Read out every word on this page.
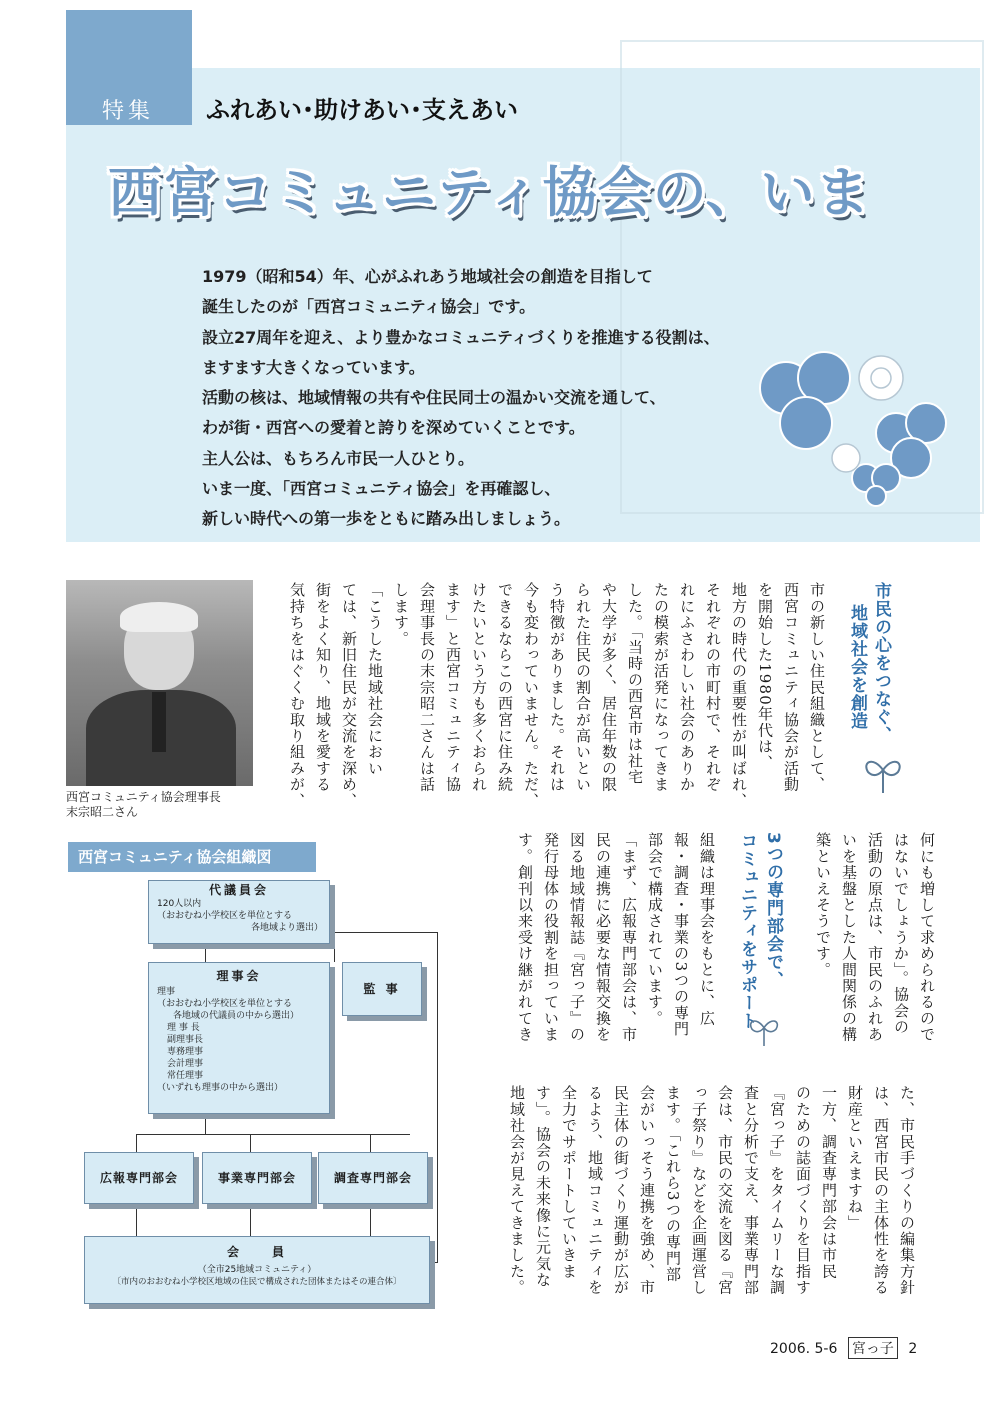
特集 ふれあい･助けあい･支えあい
西宮コミュニティ協会の、いま
1979（昭和54）年、心がふれあう地域社会の創造を目指して
誕生したのが「西宮コミュニティ協会」です。
設立27周年を迎え、より豊かなコミュニティづくりを推進する役割は、
ますます大きくなっています。
活動の核は、地域情報の共有や住民同士の温かい交流を通して、
わが街・西宮への愛着と誇りを深めていくことです。
主人公は、もちろん市民一人ひとり。
いま一度、「西宮コミュニティ協会」を再確認し、
新しい時代への第一歩をともに踏み出しましょう。
西宮コミュニティ協会理事長
末宗昭二さん
市民の心をつなぐ、
地域社会を創造
市の新しい住民組織として、
西宮コミュニティ協会が活動
を開始した1980年代は、
地方の時代の重要性が叫ばれ、
それぞれの市町村で、それぞ
れにふさわしい社会のありか
たの模索が活発になってきま
した。「当時の西宮市は社宅
や大学が多く、居住年数の限
られた住民の割合が高いとい
う特徴がありました。それは
今も変わっていません。ただ、
できるならこの西宮に住み続
けたいという方も多くおられ
ます」と西宮コミュニティ協
会理事長の末宗昭二さんは話
します。
「こうした地域社会におい
ては、新旧住民が交流を深め、
街をよく知り、地域を愛する
気持ちをはぐくむ取り組みが、
何にも増して求められるので
はないでしょうか」。協会の
活動の原点は、市民のふれあ
いを基盤とした人間関係の構
築といえそうです。
3つの専門部会で、
コミュニティをサポート
組織は理事会をもとに、広
報・調査・事業の3つの専門
部会で構成されています。
「まず、広報専門部会は、市
民の連携に必要な情報交換を
図る地域情報誌『宮っ子』の
発行母体の役割を担っていま
す。創刊以来受け継がれてき
た、市民手づくりの編集方針
は、西宮市民の主体性を誇る
財産といえますね」
一方、調査専門部会は市民
のための誌面づくりを目指す
『宮っ子』をタイムリーな調
査と分析で支え、事業専門部
会は、市民の交流を図る『宮
っ子祭り』などを企画運営し
ます。「これら3つの専門部
会がいっそう連携を強め、市
民主体の街づくり運動が広が
るよう、地域コミュニティを
全力でサポートしていきま
す」。協会の未来像に元気な
地域社会が見えてきました。
西宮コミュニティ協会組織図
代議員会
120人以内
（おおむね小学校区を単位とする
各地域より選出）
理事会
理事
（おおむね小学校区を単位とする
各地域の代議員の中から選出）
理 事 長
副理事長
専務理事
会計理事
常任理事
（いずれも理事の中から選出）
監 事
広報専門部会	事業専門部会	調査専門部会
会　　員
（全市25地域コミュニティ）
〔市内のおおむね小学校区地域の住民で構成された団体またはその連合体〕
2006. 5-6 宮っ子 2
